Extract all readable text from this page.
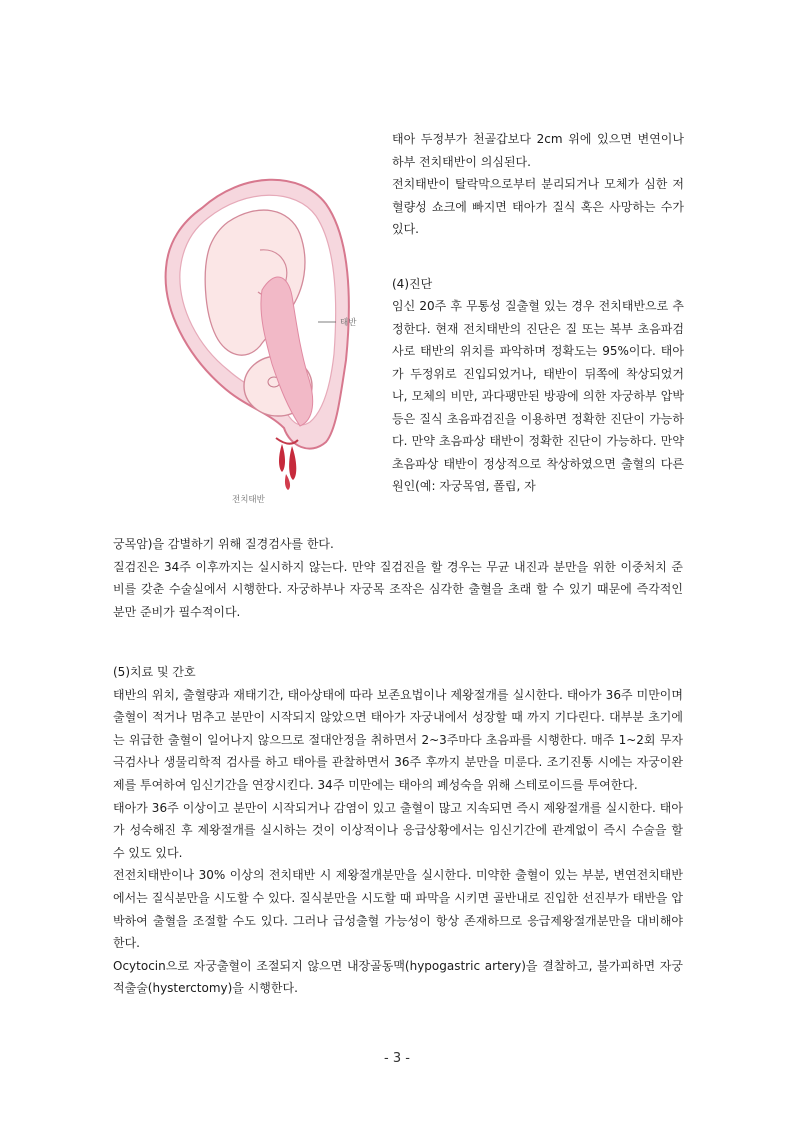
태반
전치태반

태아 두정부가 천골갑보다 2cm 위에 있으면 변연이나 하부 전치태반이 의심된다.

전치태반이 탈락막으로부터 분리되거나 모체가 심한 저혈량성 쇼크에 빠지면 태아가 질식 혹은 사망하는 수가 있다.

(4)진단

임신 20주 후 무통성 질출혈 있는 경우 전치태반으로 추정한다. 현재 전치태반의 진단은 질 또는 복부 초음파검사로 태반의 위치를 파악하며 정확도는 95%이다. 태아가 두정위로 진입되었거나, 태반이 뒤쪽에 착상되었거나, 모체의 비만, 과다팽만된 방광에 의한 자궁하부 압박 등은 질식 초음파검진을 이용하면 정확한 진단이 가능하다. 만약 초음파상 태반이 정확한 진단이 가능하다. 만약 초음파상 태반이 정상적으로 착상하였으면 출혈의 다른 원인(예: 자궁목염, 폴립, 자

궁목암)을 감별하기 위해 질경검사를 한다.

질검진은 34주 이후까지는 실시하지 않는다. 만약 질검진을 할 경우는 무균 내진과 분만을 위한 이중처치 준비를 갖춘 수술실에서 시행한다. 자궁하부나 자궁목 조작은 심각한 출혈을 초래 할 수 있기 때문에 즉각적인 분만 준비가 필수적이다.

(5)치료 및 간호

태반의 위치, 출혈량과 재태기간, 태아상태에 따라 보존요법이나 제왕절개를 실시한다. 태아가 36주 미만이며 출혈이 적거나 멈추고 분만이 시작되지 않았으면 태아가 자궁내에서 성장할 때 까지 기다린다. 대부분 초기에는 위급한 출혈이 일어나지 않으므로 절대안정을 취하면서 2~3주마다 초음파를 시행한다. 매주 1~2회 무자극검사나 생물리학적 검사를 하고 태아를 관찰하면서 36주 후까지 분만을 미룬다. 조기진통 시에는 자궁이완제를 투여하여 임신기간을 연장시킨다. 34주 미만에는 태아의 폐성숙을 위해 스테로이드를 투여한다.

태아가 36주 이상이고 분만이 시작되거나 감염이 있고 출혈이 많고 지속되면 즉시 제왕절개를 실시한다. 태아가 성숙해진 후 제왕절개를 실시하는 것이 이상적이나 응급상황에서는 임신기간에 관계없이 즉시 수술을 할 수 있도 있다.

전전치태반이나 30% 이상의 전치태반 시 제왕절개분만을 실시한다. 미약한 출혈이 있는 부분, 변연전치태반에서는 질식분만을 시도할 수 있다. 질식분만을 시도할 때 파막을 시키면 골반내로 진입한 선진부가 태반을 압박하여 출혈을 조절할 수도 있다. 그러나 급성출혈 가능성이 항상 존재하므로 응급제왕절개분만을 대비해야 한다.

Ocytocin으로 자궁출혈이 조절되지 않으면 내장골동맥(hypogastric artery)을 결찰하고, 불가피하면 자궁적출술(hysterctomy)을 시행한다.

- 3 -
